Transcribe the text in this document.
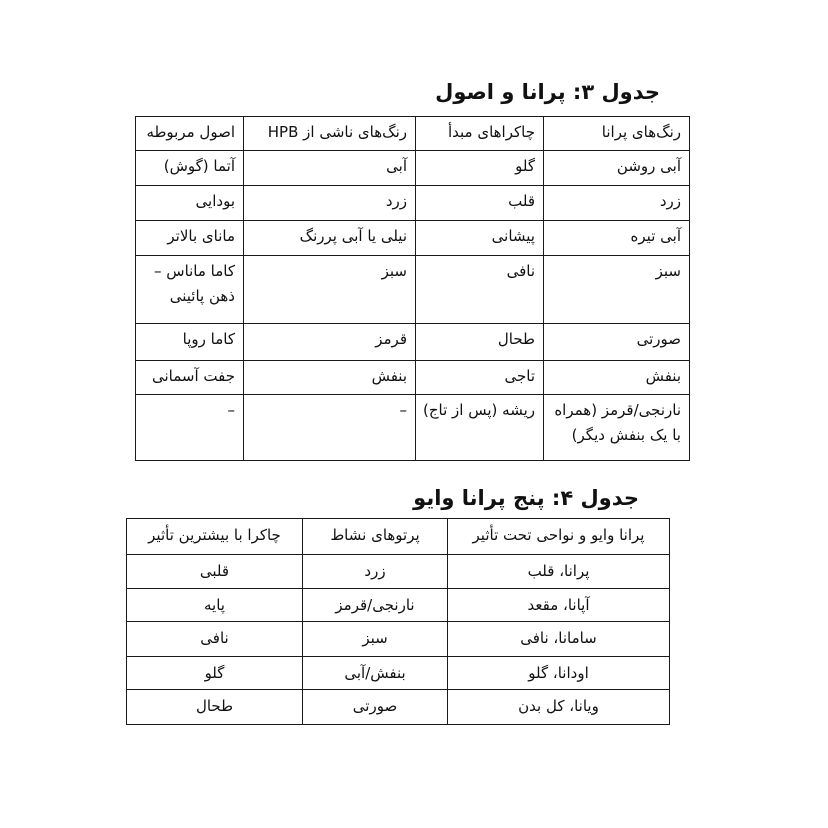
جدول ۳: پرانا و اصول
رنگ‌های پرانا	چاکراهای مبدأ	رنگ‌های ناشی از HPB	اصول مربوطه
آبی روشن	گلو	آبی	آتما (گوش)
زرد	قلب	زرد	بودایی
آبی تیره	پیشانی	نیلی یا آبی پررنگ	مانای بالاتر
سبز	نافی	سبز	کاما ماناس – ذهن پائینی
صورتی	طحال	قرمز	کاما روپا
بنفش	تاجی	بنفش	جفت آسمانی
نارنجی/قرمز (همراه با یک بنفش دیگر)	ریشه (پس از تاج)	–	–
جدول ۴: پنج پرانا وایو
پرانا وایو و نواحی تحت تأثیر	پرتوهای نشاط	چاکرا با بیشترین تأثیر
پرانا، قلب	زرد	قلبی
آپانا، مقعد	نارنجی/قرمز	پایه
سامانا، نافی	سبز	نافی
اودانا، گلو	بنفش/آبی	گلو
ویانا، کل بدن	صورتی	طحال
